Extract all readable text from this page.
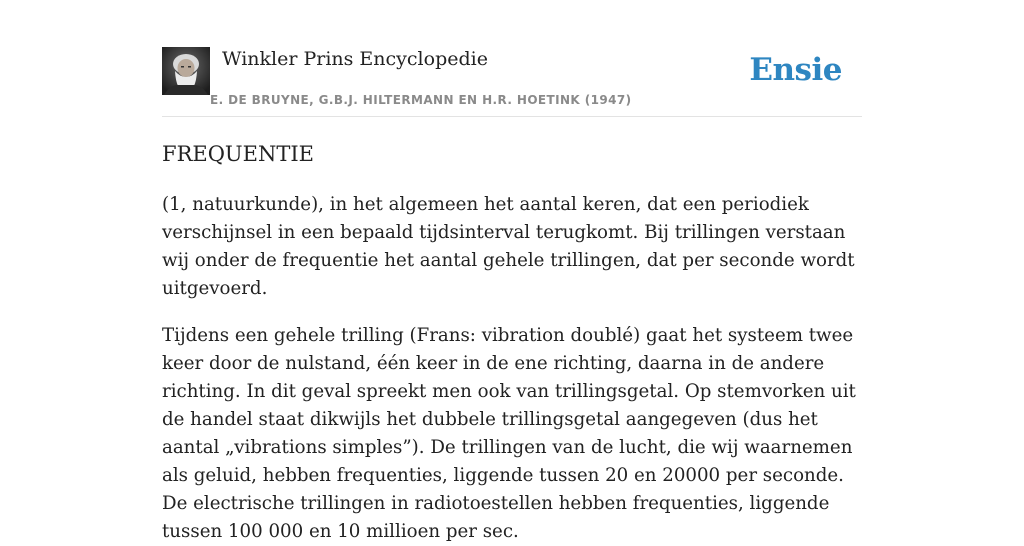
Winkler Prins Encyclopedie
E. DE BRUYNE, G.B.J. HILTERMANN EN H.R. HOETINK (1947)
Ensie
FREQUENTIE

(1, natuurkunde), in het algemeen het aantal keren, dat een periodiek verschijnsel in een bepaald tijdsinterval terugkomt. Bij trillingen verstaan wij onder de frequentie het aantal gehele trillingen, dat per seconde wordt uitgevoerd.

Tijdens een gehele trilling (Frans: vibration doublé) gaat het systeem twee keer door de nulstand, één keer in de ene richting, daarna in de andere richting. In dit geval spreekt men ook van trillingsgetal. Op stemvorken uit de handel staat dikwijls het dubbele trillingsgetal aangegeven (dus het aantal „vibrations simples”). De trillingen van de lucht, die wij waarnemen als geluid, hebben frequenties, liggende tussen 20 en 20000 per seconde. De electrische trillingen in radiotoestellen hebben frequenties, liggende tussen 100 000 en 10 millioen per sec.
